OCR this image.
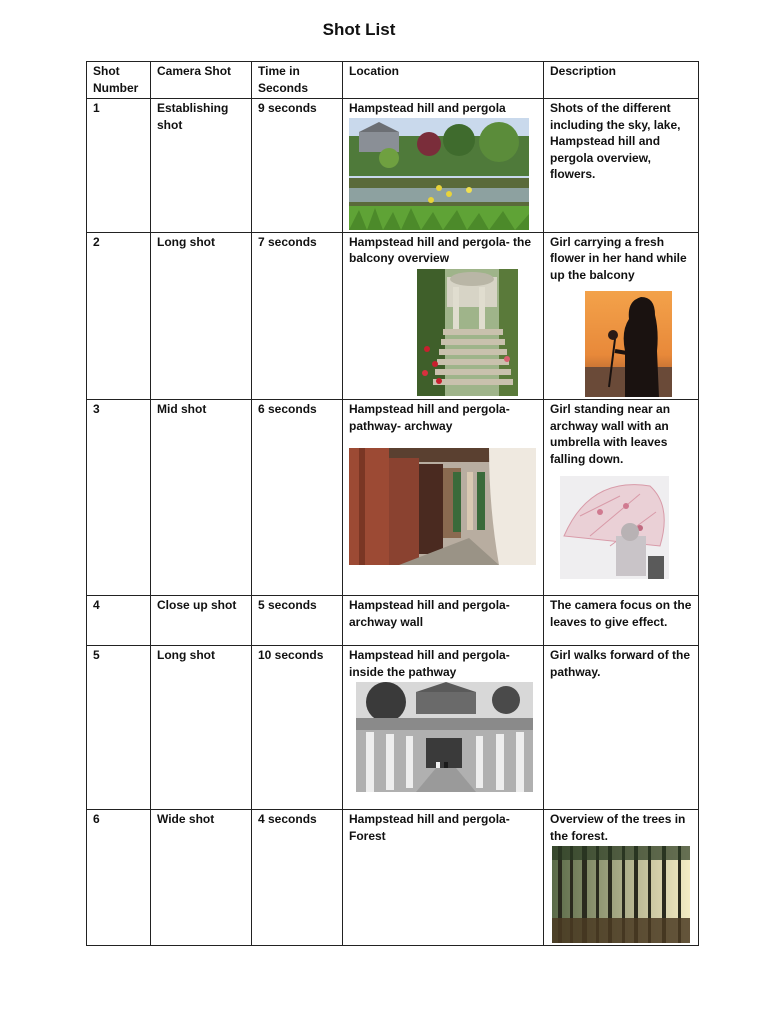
Shot List
Shot Number	Camera Shot	Time in Seconds	Location	Description
1	Establishing shot	9 seconds	Hampstead hill and pergola	Shots of the different including the sky, lake, Hampstead hill and pergola overview, flowers.
2	Long shot	7 seconds	Hampstead hill and pergola- the balcony overview	Girl carrying a fresh flower in her hand while up the balcony

3	Mid shot	6 seconds	Hampstead hill and pergola- pathway- archway	Girl standing near an archway wall with an umbrella with leaves falling down.

4	Close up shot	5 seconds	Hampstead hill and pergola- archway wall	The camera focus on the leaves to give effect.
5	Long shot	10 seconds	Hampstead hill and pergola- inside the pathway	Girl walks forward of the pathway.
6	Wide shot	4 seconds	Hampstead hill and pergola- Forest	Overview of the trees in the forest.
